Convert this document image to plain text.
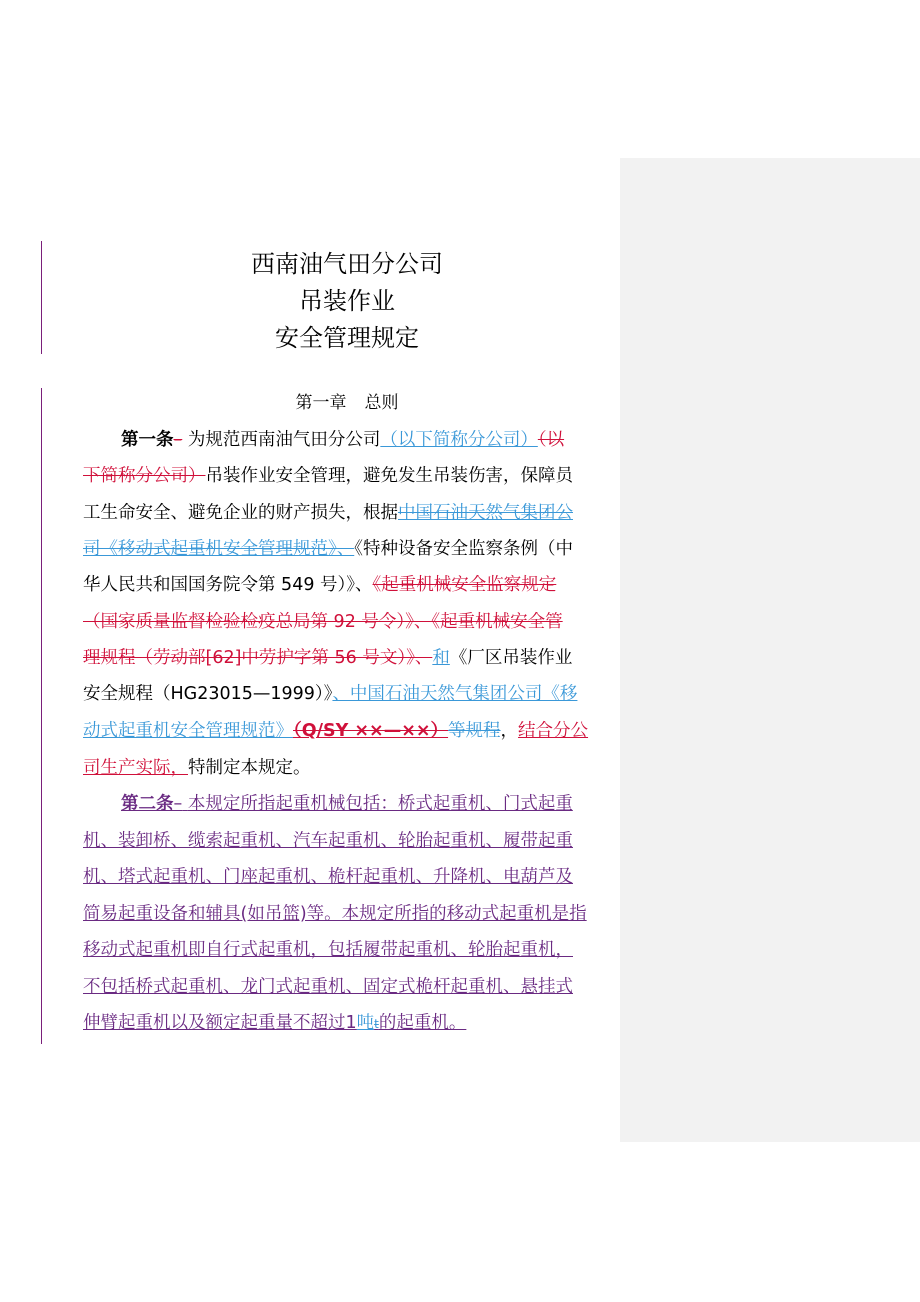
西南油气田分公司
吊装作业
安全管理规定
第一章 总则
第一条– 为规范西南油气田分公司（以下简称分公司）（以
下简称分公司）吊装作业安全管理，避免发生吊装伤害，保障员
工生命安全、避免企业的财产损失，根据中国石油天然气集团公
司《移动式起重机安全管理规范》、《特种设备安全监察条例（中
华人民共和国国务院令第 549 号）》、《起重机械安全监察规定
（国家质量监督检验检疫总局第 92 号令）》、《起重机械安全管
理规程（劳动部[62]中劳护字第 56 号文）》、和《厂区吊装作业
安全规程（HG23015—1999）》、中国石油天然气集团公司《移
动式起重机安全管理规范》（Q/SY ××—××）等规程，结合分公
司生产实际，特制定本规定。
第二条– 本规定所指起重机械包括：桥式起重机、门式起重
机、装卸桥、缆索起重机、汽车起重机、轮胎起重机、履带起重
机、塔式起重机、门座起重机、桅杆起重机、升降机、电葫芦及
简易起重设备和辅具(如吊篮)等。本规定所指的移动式起重机是指
移动式起重机即自行式起重机，包括履带起重机、轮胎起重机，
不包括桥式起重机、龙门式起重机、固定式桅杆起重机、悬挂式
伸臂起重机以及额定起重量不超过1吨t的起重机。
